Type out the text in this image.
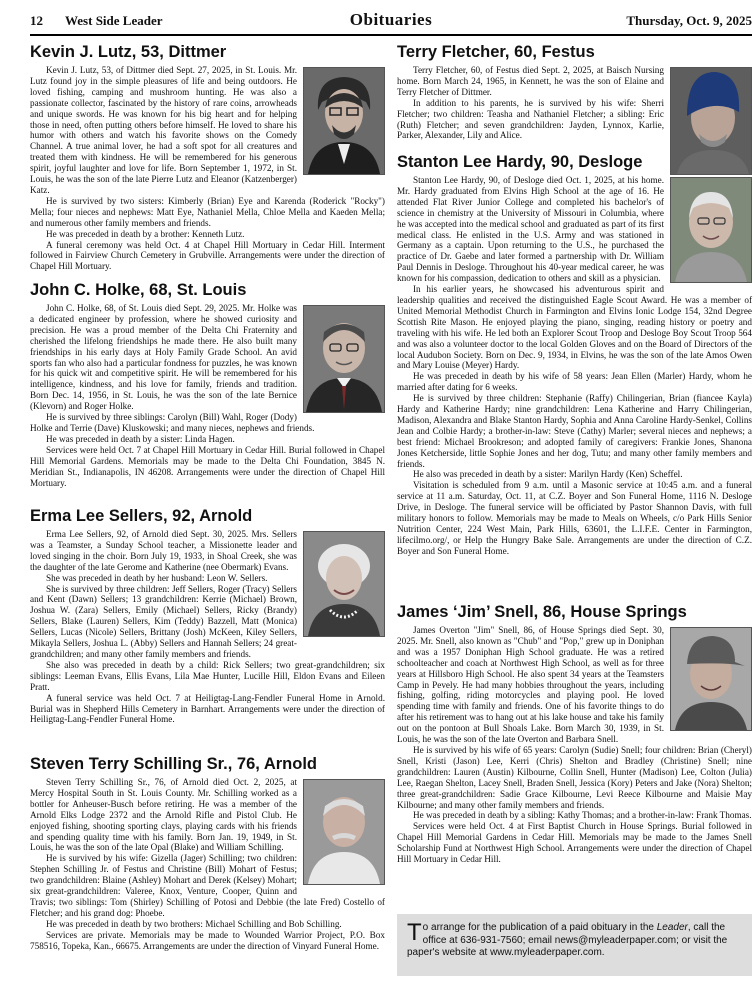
12 West Side Leader	Obituaries	Thursday, Oct. 9, 2025
Kevin J. Lutz, 53, Dittmer

Kevin J. Lutz, 53, of Dittmer died Sept. 27, 2025, in St. Louis. Mr. Lutz found joy in the simple pleasures of life and being outdoors. He loved fishing, camping and mushroom hunting. He was also a passionate collector, fascinated by the history of rare coins, arrowheads and unique swords. He was known for his big heart and for helping those in need, often putting others before himself. He loved to share his humor with others and watch his favorite shows on the Comedy Channel. A true animal lover, he had a soft spot for all creatures and treated them with kindness. He will be remembered for his generous spirit, joyful laughter and love for life. Born September 1, 1972, in St. Louis, he was the son of the late Pierre Lutz and Eleanor (Katzenberger) Katz.

He is survived by two sisters: Kimberly (Brian) Eye and Karenda (Roderick "Rocky") Mella; four nieces and nephews: Matt Eye, Nathaniel Mella, Chloe Mella and Kaeden Mella; and numerous other family members and friends.

He was preceded in death by a brother: Kenneth Lutz.

A funeral ceremony was held Oct. 4 at Chapel Hill Mortuary in Cedar Hill. Interment followed in Fairview Church Cemetery in Grubville. Arrangements were under the direction of Chapel Hill Mortuary.

John C. Holke, 68, St. Louis

John C. Holke, 68, of St. Louis died Sept. 29, 2025. Mr. Holke was a dedicated engineer by profession, where he showed curiosity and precision. He was a proud member of the Delta Chi Fraternity and cherished the lifelong friendships he made there. He also built many friendships in his early days at Holy Family Grade School. An avid sports fan who also had a particular fondness for puzzles, he was known for his quick wit and competitive spirit. He will be remembered for his intelligence, kindness, and his love for family, friends and tradition. Born Dec. 14, 1956, in St. Louis, he was the son of the late Bernice (Klevorn) and Roger Holke.

He is survived by three siblings: Carolyn (Bill) Wahl, Roger (Dody) Holke and Terrie (Dave) Kluskowski; and many nieces, nephews and friends.

He was preceded in death by a sister: Linda Hagen.

Services were held Oct. 7 at Chapel Hill Mortuary in Cedar Hill. Burial followed in Chapel Hill Memorial Gardens. Memorials may be made to the Delta Chi Foundation, 3845 N. Meridian St., Indianapolis, IN 46208. Arrangements were under the direction of Chapel Hill Mortuary.

Erma Lee Sellers, 92, Arnold

Erma Lee Sellers, 92, of Arnold died Sept. 30, 2025. Mrs. Sellers was a Teamster, a Sunday School teacher, a Missionette leader and loved singing in the choir. Born July 19, 1933, in Shoal Creek, she was the daughter of the late Gerome and Katherine (nee Obermark) Evans.

She was preceded in death by her husband: Leon W. Sellers.

She is survived by three children: Jeff Sellers, Roger (Tracy) Sellers and Kent (Dawn) Sellers; 13 grandchildren: Kerrie (Michael) Brown, Joshua W. (Zara) Sellers, Emily (Michael) Sellers, Ricky (Brandy) Sellers, Blake (Lauren) Sellers, Kim (Teddy) Bazzell, Matt (Monica) Sellers, Lucas (Nicole) Sellers, Brittany (Josh) McKeen, Kiley Sellers, Mikayla Sellers, Joshua L. (Abby) Sellers and Hannah Sellers; 24 great-grandchildren; and many other family members and friends.

She also was preceded in death by a child: Rick Sellers; two great-grandchildren; six siblings: Leeman Evans, Ellis Evans, Lila Mae Hunter, Lucille Hill, Eldon Evans and Eileen Pratt.

A funeral service was held Oct. 7 at Heiligtag-Lang-Fendler Funeral Home in Arnold. Burial was in Shepherd Hills Cemetery in Barnhart. Arrangements were under the direction of Heiligtag-Lang-Fendler Funeral Home.

Steven Terry Schilling Sr., 76, Arnold

Steven Terry Schilling Sr., 76, of Arnold died Oct. 2, 2025, at Mercy Hospital South in St. Louis County. Mr. Schilling worked as a bottler for Anheuser-Busch before retiring. He was a member of the Arnold Elks Lodge 2372 and the Arnold Rifle and Pistol Club. He enjoyed fishing, shooting sporting clays, playing cards with his friends and spending quality time with his family. Born Jan. 19, 1949, in St. Louis, he was the son of the late Opal (Blake) and William Schilling.

He is survived by his wife: Gizella (Jager) Schilling; two children: Stephen Schilling Jr. of Festus and Christine (Bill) Mohart of Festus; two grandchildren: Blaine (Ashley) Mohart and Derek (Kelsey) Mohart; six great-grandchildren: Valeree, Knox, Venture, Cooper, Quinn and Travis; two siblings: Tom (Shirley) Schilling of Potosi and Debbie (the late Fred) Costello of Fletcher; and his grand dog: Phoebe.

He was preceded in death by two brothers: Michael Schilling and Bob Schilling.

Services are private. Memorials may be made to Wounded Warrior Project, P.O. Box 758516, Topeka, Kan., 66675. Arrangements are under the direction of Vinyard Funeral Home.

Terry Fletcher, 60, Festus

Terry Fletcher, 60, of Festus died Sept. 2, 2025, at Baisch Nursing home. Born March 24, 1965, in Kennett, he was the son of Elaine and Terry Fletcher of Dittmer.

In addition to his parents, he is survived by his wife: Sherri Fletcher; two children: Teasha and Nathaniel Fletcher; a sibling: Eric (Ruth) Fletcher; and seven grandchildren: Jayden, Lynnox, Karlie, Parker, Alexander, Lily and Alice.

Stanton Lee Hardy, 90, Desloge

Stanton Lee Hardy, 90, of Desloge died Oct. 1, 2025, at his home. Mr. Hardy graduated from Elvins High School at the age of 16. He attended Flat River Junior College and completed his bachelor's of science in chemistry at the University of Missouri in Columbia, where he was accepted into the medical school and graduated as part of its first medical class. He enlisted in the U.S. Army and was stationed in Germany as a captain. Upon returning to the U.S., he purchased the practice of Dr. Gaebe and later formed a partnership with Dr. William Paul Dennis in Desloge. Throughout his 40-year medical career, he was known for his compassion, dedication to others and skill as a physician.

In his earlier years, he showcased his adventurous spirit and leadership qualities and received the distinguished Eagle Scout Award. He was a member of United Memorial Methodist Church in Farmington and Elvins Ionic Lodge 154, 32nd Degree Scottish Rite Mason. He enjoyed playing the piano, singing, reading history or poetry and traveling with his wife. He led both an Explorer Scout Troop and Desloge Boy Scout Troop 564 and was also a volunteer doctor to the local Golden Gloves and on the Board of Directors of the local Audubon Society. Born on Dec. 9, 1934, in Elvins, he was the son of the late Amos Owen and Mary Louise (Meyer) Hardy.

He was preceded in death by his wife of 58 years: Jean Ellen (Marler) Hardy, whom he married after dating for 6 weeks.

He is survived by three children: Stephanie (Raffy) Chilingerian, Brian (fiancee Kayla) Hardy and Katherine Hardy; nine grandchildren: Lena Katherine and Harry Chilingerian, Madison, Alexandra and Blake Stanton Hardy, Sophia and Anna Caroline Hardy-Senkel, Collins Jean and Colbie Hardy; a brother-in-law: Steve (Cathy) Marler; several nieces and nephews; a best friend: Michael Brookreson; and adopted family of caregivers: Frankie Jones, Shanona Jones Ketcherside, little Sophie Jones and her dog, Tutu; and many other family members and friends.

He also was preceded in death by a sister: Marilyn Hardy (Ken) Scheffel.

Visitation is scheduled from 9 a.m. until a Masonic service at 10:45 a.m. and a funeral service at 11 a.m. Saturday, Oct. 11, at C.Z. Boyer and Son Funeral Home, 1116 N. Desloge Drive, in Desloge. The funeral service will be officiated by Pastor Shannon Davis, with full military honors to follow. Memorials may be made to Meals on Wheels, c/o Park Hills Senior Nutrition Center, 224 West Main, Park Hills, 63601, the L.I.F.E. Center in Farmington, lifecilmo.org/, or Help the Hungry Bake Sale. Arrangements are under the direction of C.Z. Boyer and Son Funeral Home.

James ‘Jim’ Snell, 86, House Springs

James Overton "Jim" Snell, 86, of House Springs died Sept. 30, 2025. Mr. Snell, also known as "Chub" and "Pop," grew up in Doniphan and was a 1957 Doniphan High School graduate. He was a retired schoolteacher and coach at Northwest High School, as well as for three years at Hillsboro High School. He also spent 34 years at the Teamsters Camp in Pevely. He had many hobbies throughout the years, including fishing, golfing, riding motorcycles and playing pool. He loved spending time with family and friends. One of his favorite things to do after his retirement was to hang out at his lake house and take his family out on the pontoon at Bull Shoals Lake. Born March 30, 1939, in St. Louis, he was the son of the late Overton and Barbara Snell.

He is survived by his wife of 65 years: Carolyn (Sudie) Snell; four children: Brian (Cheryl) Snell, Kristi (Jason) Lee, Kerri (Chris) Shelton and Bradley (Christine) Snell; nine grandchildren: Lauren (Austin) Kilbourne, Collin Snell, Hunter (Madison) Lee, Colton (Julia) Lee, Raegan Shelton, Lacey Snell, Braden Snell, Jessica (Kory) Peters and Jake (Nora) Shelton; three great-grandchildren: Sadie Grace Kilbourne, Levi Reece Kilbourne and Maisie May Kilbourne; and many other family members and friends.

He was preceded in death by a sibling: Kathy Thomas; and a brother-in-law: Frank Thomas.

Services were held Oct. 4 at First Baptist Church in House Springs. Burial followed in Chapel Hill Memorial Gardens in Cedar Hill. Memorials may be made to the James Snell Scholarship Fund at Northwest High School. Arrangements were under the direction of Chapel Hill Mortuary in Cedar Hill.

To arrange for the publication of a paid obituary in the Leader, call the office at 636-931-7560; email news@myleaderpaper.com; or visit the paper's website at www.myleaderpaper.com.
